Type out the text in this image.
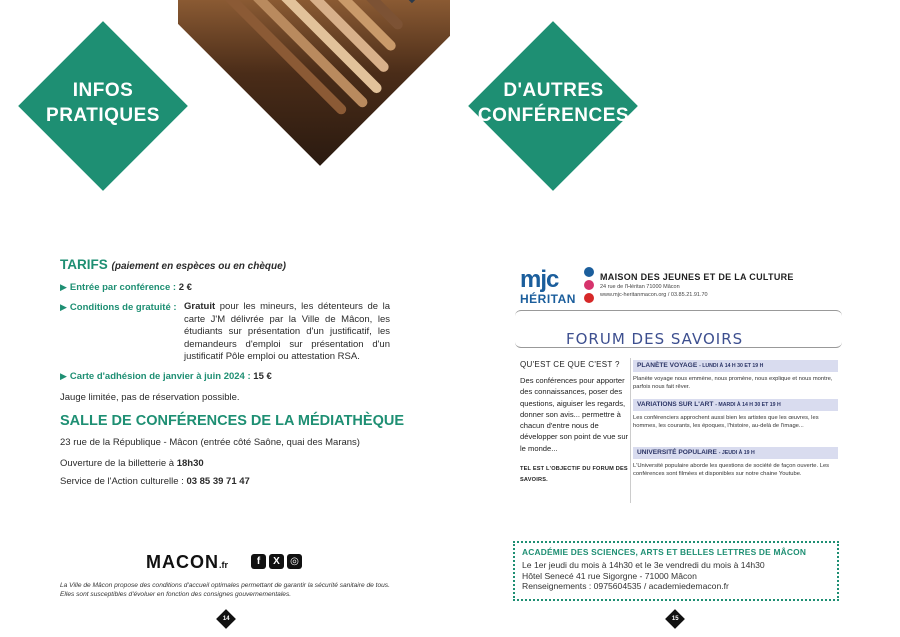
INFOS
PRATIQUES
TARIFS (paiement en espèces ou en chèque)
▶ Entrée par conférence : 2 €
▶ Conditions de gratuité : Gratuit pour les mineurs, les détenteurs de la carte J'M délivrée par la Ville de Mâcon, les étudiants sur présentation d'un justificatif, les demandeurs d'emploi sur présentation d'un justificatif Pôle emploi ou attestation RSA.
▶ Carte d'adhésion de janvier à juin 2024 : 15 €
Jauge limitée, pas de réservation possible.
SALLE DE CONFÉRENCES DE LA MÉDIATHÈQUE
23 rue de la République - Mâcon (entrée côté Saône, quai des Marans)
Ouverture de la billetterie à 18h30
Service de l'Action culturelle : 03 85 39 71 47
MACON.fr	f	X	◎
La Ville de Mâcon propose des conditions d'accueil optimales permettant de garantir la sécurité sanitaire de tous. Elles sont susceptibles d'évoluer en fonction des consignes gouvernementales.
14
D'AUTRES
CONFÉRENCES
mjc
HÉRITAN
MAISON DES JEUNES ET DE LA CULTURE
24 rue de l'Héritan 71000 Mâcon
www.mjc-heritanmacon.org / 03.85.21.91.70
FORUM DES SAVOIRS
QU'EST CE QUE C'EST ?
Des conférences pour apporter des connaissances, poser des questions, aiguiser les regards, donner son avis... permettre à chacun d'entre nous de développer son point de vue sur le monde...
TEL EST L'OBJECTIF DU FORUM DES SAVOIRS.
PLANÈTE VOYAGE - LUNDI À 14 H 30 ET 19 H
Planète voyage nous emmène, nous promène, nous explique et nous montre, parfois nous fait rêver.
VARIATIONS SUR L'ART - MARDI À 14 H 30 ET 19 H
Les conférenciers approchent aussi bien les artistes que les œuvres, les hommes, les courants, les époques, l'histoire, au-delà de l'image...
UNIVERSITÉ POPULAIRE - JEUDI À 19 H
L'Université populaire aborde les questions de société de façon ouverte. Les conférences sont filmées et disponibles sur notre chaine Youtube.
ACADÉMIE DES SCIENCES, ARTS ET BELLES LETTRES DE MÂCON
Le 1er jeudi du mois à 14h30 et le 3e vendredi du mois à 14h30
Hôtel Senecé 41 rue Sigorgne - 71000 Mâcon
Renseignements : 0975604535 / academiedemacon.fr
15
